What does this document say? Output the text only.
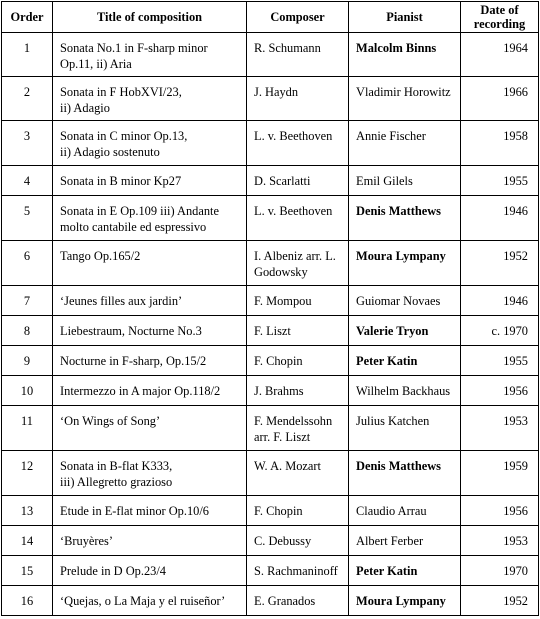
Order	Title of composition	Composer	Pianist	Date of
recording
1	Sonata No.1 in F-sharp minor
Op.11, ii) Aria	R. Schumann	Malcolm Binns	1964
2	Sonata in F HobXVI/23,
ii) Adagio	J. Haydn	Vladimir Horowitz	1966
3	Sonata in C minor Op.13,
ii) Adagio sostenuto	L. v. Beethoven	Annie Fischer	1958
4	Sonata in B minor Kp27	D. Scarlatti	Emil Gilels	1955
5	Sonata in E Op.109 iii) Andante
molto cantabile ed espressivo	L. v. Beethoven	Denis Matthews	1946
6	Tango Op.165/2	I. Albeniz arr. L.
Godowsky	Moura Lympany	1952
7	‘Jeunes filles aux jardin’	F. Mompou	Guiomar Novaes	1946
8	Liebestraum, Nocturne No.3	F. Liszt	Valerie Tryon	c. 1970
9	Nocturne in F-sharp, Op.15/2	F. Chopin	Peter Katin	1955
10	Intermezzo in A major Op.118/2	J. Brahms	Wilhelm Backhaus	1956
11	‘On Wings of Song’	F. Mendelssohn
arr. F. Liszt	Julius Katchen	1953
12	Sonata in B-flat K333,
iii) Allegretto grazioso	W. A. Mozart	Denis Matthews	1959
13	Etude in E-flat minor Op.10/6	F. Chopin	Claudio Arrau	1956
14	‘Bruyères’	C. Debussy	Albert Ferber	1953
15	Prelude in D Op.23/4	S. Rachmaninoff	Peter Katin	1970
16	‘Quejas, o La Maja y el ruiseñor’	E. Granados	Moura Lympany	1952
